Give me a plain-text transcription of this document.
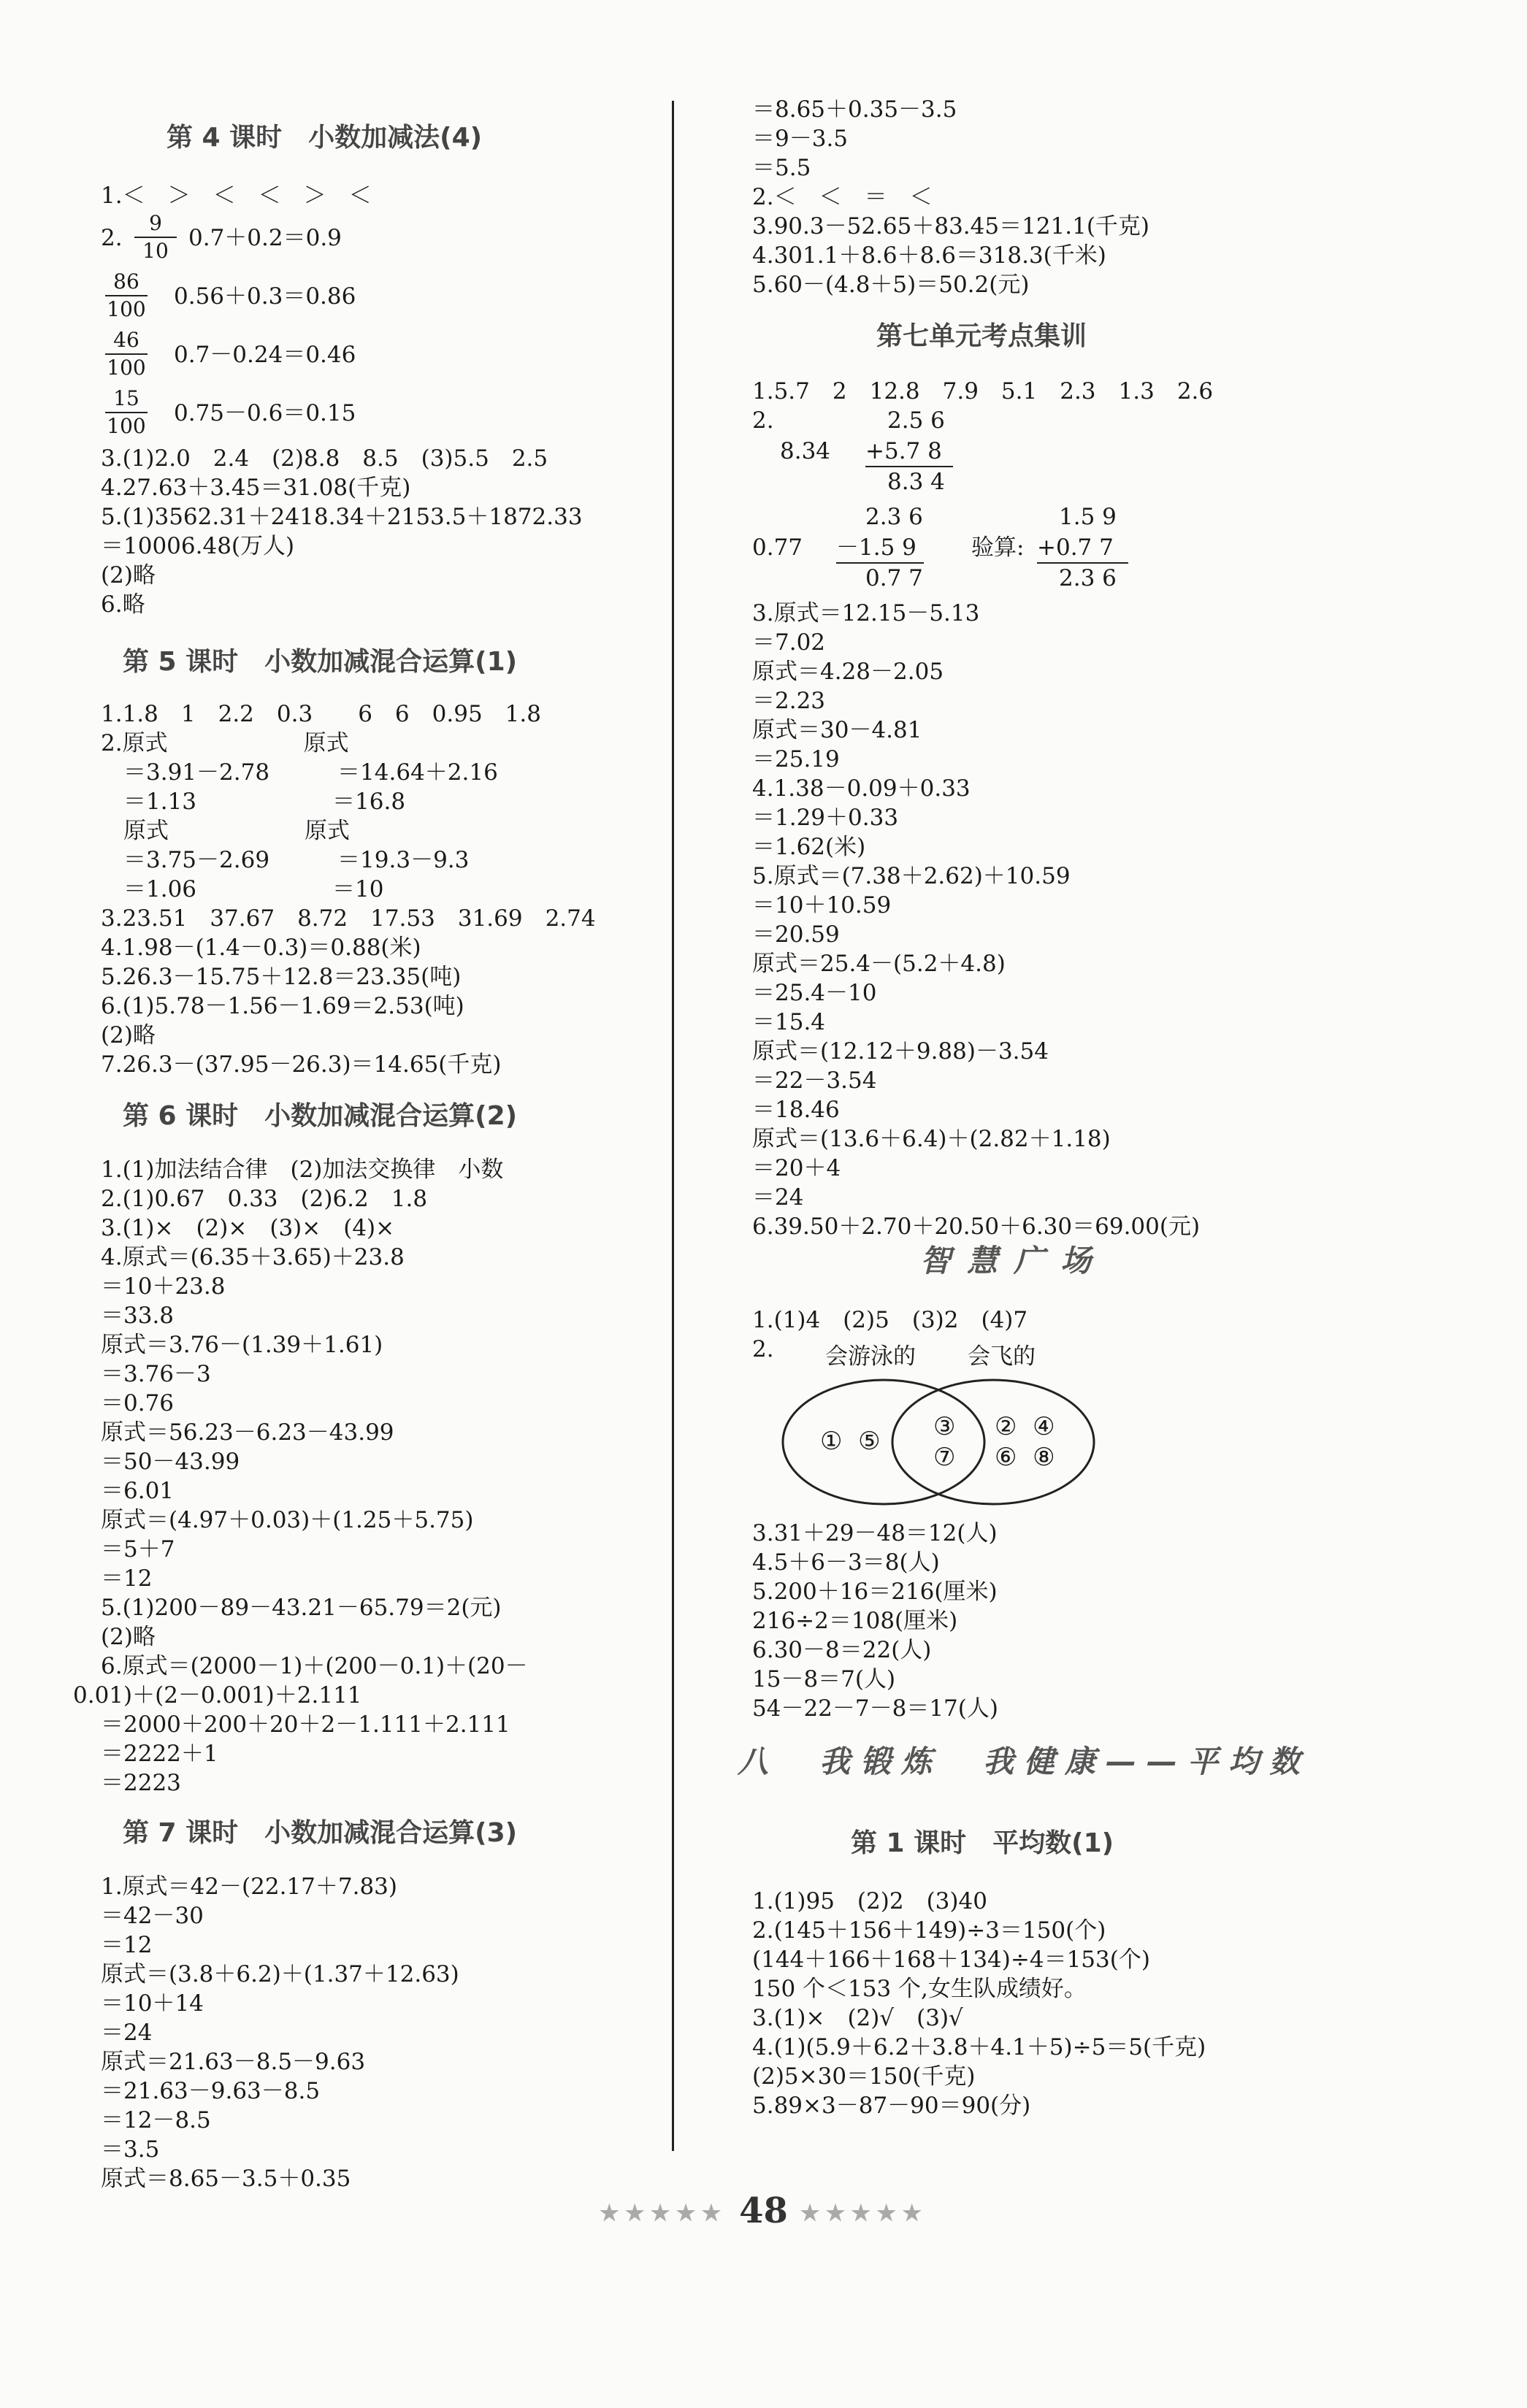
第 4 课时　小数加减法(4)
1.＜　＞　＜　＜　＞　＜
2.
9
10 0.7＋0.2＝0.9
86
100 0.56＋0.3＝0.86
46
100 0.7－0.24＝0.46
15
100 0.75－0.6＝0.15
3.(1)2.0　2.4　(2)8.8　8.5　(3)5.5　2.5
4.27.63＋3.45＝31.08(千克)
5.(1)3562.31＋2418.34＋2153.5＋1872.33
＝10006.48(万人)
(2)略
6.略
第 5 课时　小数加减混合运算(1)
1.1.8　1　2.2　0.3　　6　6　0.95　1.8
2.原式　　　　　　原式
　＝3.91－2.78　　　＝14.64＋2.16
　＝1.13　　　　　　＝16.8
　原式　　　　　　原式
　＝3.75－2.69　　　＝19.3－9.3
　＝1.06　　　　　　＝10
3.23.51　37.67　8.72　17.53　31.69　2.74
4.1.98－(1.4－0.3)＝0.88(米)
5.26.3－15.75＋12.8＝23.35(吨)
6.(1)5.78－1.56－1.69＝2.53(吨)
(2)略
7.26.3－(37.95－26.3)＝14.65(千克)
第 6 课时　小数加减混合运算(2)
1.(1)加法结合律　(2)加法交换律　小数
2.(1)0.67　0.33　(2)6.2　1.8
3.(1)×　(2)×　(3)×　(4)×
4.原式＝(6.35＋3.65)＋23.8
＝10＋23.8
＝33.8
原式＝3.76－(1.39＋1.61)
＝3.76－3
＝0.76
原式＝56.23－6.23－43.99
＝50－43.99
＝6.01
原式＝(4.97＋0.03)＋(1.25＋5.75)
＝5＋7
＝12
5.(1)200－89－43.21－65.79＝2(元)
(2)略
6.原式＝(2000－1)＋(200－0.1)＋(20－
0.01)＋(2－0.001)＋2.111
＝2000＋200＋20＋2－1.111＋2.111
＝2222＋1
＝2223
第 7 课时　小数加减混合运算(3)
1.原式＝42－(22.17＋7.83)
＝42－30
＝12
原式＝(3.8＋6.2)＋(1.37＋12.63)
＝10＋14
＝24
原式＝21.63－8.5－9.63
＝21.63－9.63－8.5
＝12－8.5
＝3.5
原式＝8.65－3.5＋0.35
＝8.65＋0.35－3.5
＝9－3.5
＝5.5
2.＜　＜　＝　＜
3.90.3－52.65＋83.45＝121.1(千克)
4.301.1＋8.6＋8.6＝318.3(千米)
5.60－(4.8＋5)＝50.2(元)
第七单元考点集训
1.5.7　2　12.8　7.9　5.1　2.3　1.3　2.6
2.	2.5 6
8.34 +5.7 8
8.3 4
2.3 6
0.77 －1.5 9
0.7 7
验算:
1.5 9
+0.7 7
2.3 6
3.原式＝12.15－5.13
＝7.02
原式＝4.28－2.05
＝2.23
原式＝30－4.81
＝25.19
4.1.38－0.09＋0.33
＝1.29＋0.33
＝1.62(米)
5.原式＝(7.38＋2.62)＋10.59
＝10＋10.59
＝20.59
原式＝25.4－(5.2＋4.8)
＝25.4－10
＝15.4
原式＝(12.12＋9.88)－3.54
＝22－3.54
＝18.46
原式＝(13.6＋6.4)＋(2.82＋1.18)
＝20＋4
＝24
6.39.50＋2.70＋20.50＋6.30＝69.00(元)
智慧广场
1.(1)4　(2)5　(3)2　(4)7
2. 会游泳的 会飞的
①  ⑤ ③
⑦
②  ④
⑥  ⑧
3.31＋29－48＝12(人)
4.5＋6－3＝8(人)
5.200＋16＝216(厘米)
216÷2＝108(厘米)
6.30－8＝22(人)
15－8＝7(人)
54－22－7－8＝17(人)
八　我锻炼　我健康——平均数
第 1 课时　平均数(1)
1.(1)95　(2)2　(3)40
2.(145＋156＋149)÷3＝150(个)
(144＋166＋168＋134)÷4＝153(个)
150 个＜153 个,女生队成绩好。
3.(1)×　(2)√　(3)√
4.(1)(5.9＋6.2＋3.8＋4.1＋5)÷5＝5(千克)
(2)5×30＝150(千克)
5.89×3－87－90＝90(分)
★★★★★ 48 ★★★★★
